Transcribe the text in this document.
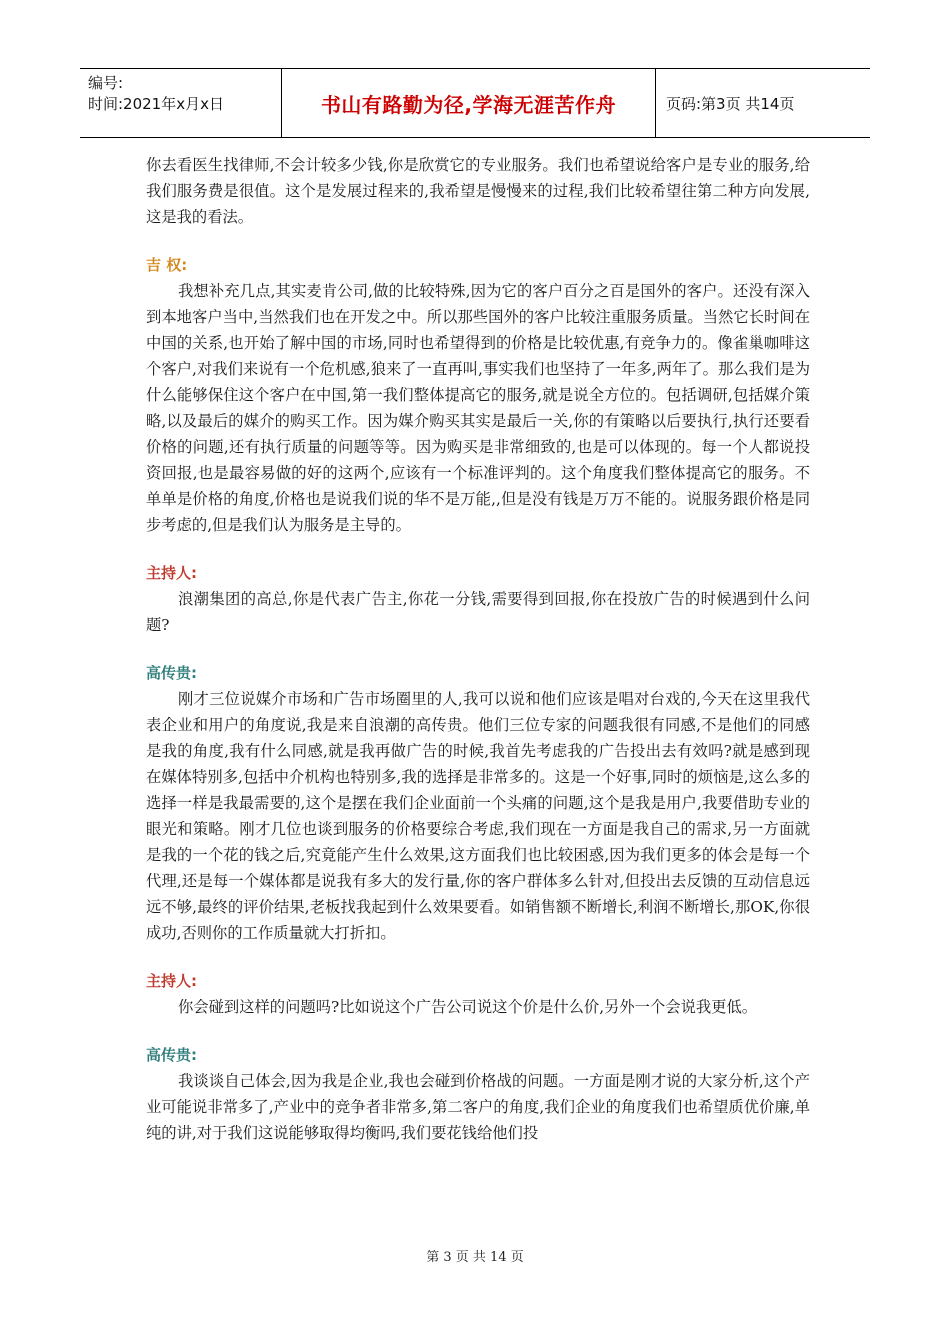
编号:
时间:2021年x月x日	书山有路勤为径,学海无涯苦作舟	页码:第3页 共14页

你去看医生找律师,不会计较多少钱,你是欣赏它的专业服务。我们也希望说给客户是专业的服务,给我们服务费是很值。这个是发展过程来的,我希望是慢慢来的过程,我们比较希望往第二种方向发展,这是我的看法。

吉 权:

我想补充几点,其实麦肯公司,做的比较特殊,因为它的客户百分之百是国外的客户。还没有深入到本地客户当中,当然我们也在开发之中。所以那些国外的客户比较注重服务质量。当然它长时间在中国的关系,也开始了解中国的市场,同时也希望得到的价格是比较优惠,有竞争力的。像雀巢咖啡这个客户,对我们来说有一个危机感,狼来了一直再叫,事实我们也坚持了一年多,两年了。那么我们是为什么能够保住这个客户在中国,第一我们整体提高它的服务,就是说全方位的。包括调研,包括媒介策略,以及最后的媒介的购买工作。因为媒介购买其实是最后一关,你的有策略以后要执行,执行还要看价格的问题,还有执行质量的问题等等。因为购买是非常细致的,也是可以体现的。每一个人都说投资回报,也是最容易做的好的这两个,应该有一个标准评判的。这个角度我们整体提高它的服务。不单单是价格的角度,价格也是说我们说的华不是万能,,但是没有钱是万万不能的。说服务跟价格是同步考虑的,但是我们认为服务是主导的。

主持人:

浪潮集团的高总,你是代表广告主,你花一分钱,需要得到回报,你在投放广告的时候遇到什么问题?

高传贵:

刚才三位说媒介市场和广告市场圈里的人,我可以说和他们应该是唱对台戏的,今天在这里我代表企业和用户的角度说,我是来自浪潮的高传贵。他们三位专家的问题我很有同感,不是他们的同感是我的角度,我有什么同感,就是我再做广告的时候,我首先考虑我的广告投出去有效吗?就是感到现在媒体特别多,包括中介机构也特别多,我的选择是非常多的。这是一个好事,同时的烦恼是,这么多的选择一样是我最需要的,这个是摆在我们企业面前一个头痛的问题,这个是我是用户,我要借助专业的眼光和策略。刚才几位也谈到服务的价格要综合考虑,我们现在一方面是我自己的需求,另一方面就是我的一个花的钱之后,究竟能产生什么效果,这方面我们也比较困惑,因为我们更多的体会是每一个代理,还是每一个媒体都是说我有多大的发行量,你的客户群体多么针对,但投出去反馈的互动信息远远不够,最终的评价结果,老板找我起到什么效果要看。如销售额不断增长,利润不断增长,那OK,你很成功,否则你的工作质量就大打折扣。

主持人:

你会碰到这样的问题吗?比如说这个广告公司说这个价是什么价,另外一个会说我更低。

高传贵:

我谈谈自己体会,因为我是企业,我也会碰到价格战的问题。一方面是刚才说的大家分析,这个产业可能说非常多了,产业中的竞争者非常多,第二客户的角度,我们企业的角度我们也希望质优价廉,单纯的讲,对于我们这说能够取得均衡吗,我们要花钱给他们投

第 3 页 共 14 页
